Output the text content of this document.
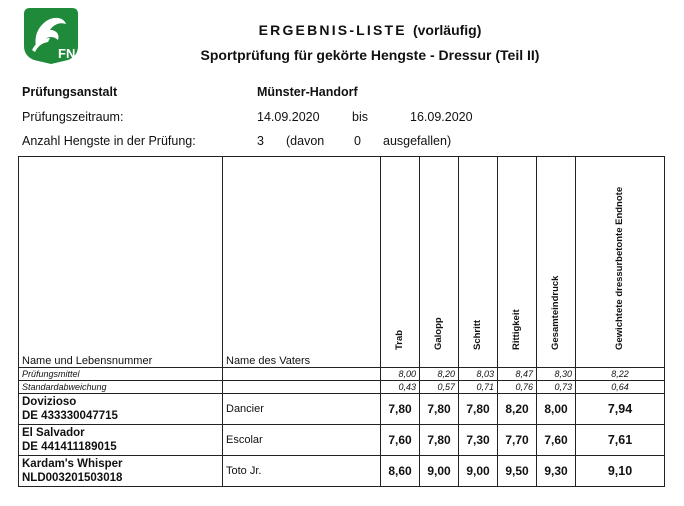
FN
ERGEBNIS-LISTE (vorläufig)
Sportprüfung für gekörte Hengste - Dressur (Teil II)
Prüfungsanstalt	Münster-Handorf
Prüfungszeitraum:	14.09.2020	bis	16.09.2020
Anzahl Hengste in der Prüfung:	3 (davon 0 ausgefallen)
Name und Lebensnummer	Name des Vaters	Trab	Galopp	Schritt	Rittigkeit	Gesamteindruck	Gewichtete dressurbetonte Endnote

Prüfungsmittel		8,00	8,20	8,03	8,47	8,30	8,22
Standardabweichung		0,43	0,57	0,71	0,76	0,73	0,64

Dovizioso
DE 433330047715	Dancier	7,80	7,80	7,80	8,20	8,00	7,94

El Salvador
DE 441411189015	Escolar	7,60	7,80	7,30	7,70	7,60	7,61

Kardam's Whisper
NLD003201503018	Toto Jr.	8,60	9,00	9,00	9,50	9,30	9,10
